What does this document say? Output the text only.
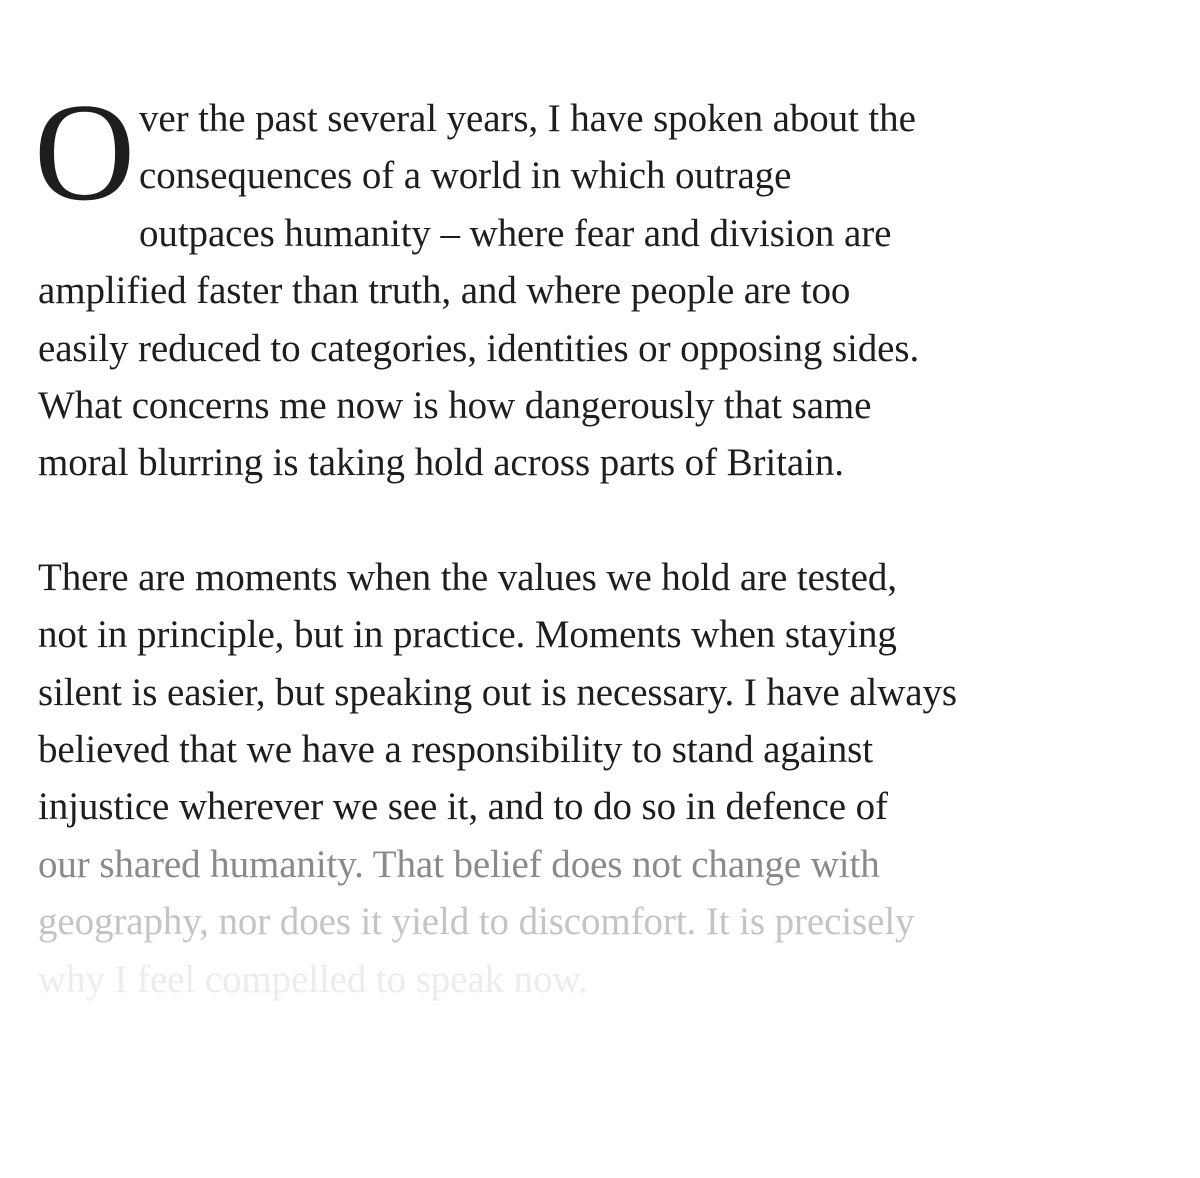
O ver the past several years, I have spoken about the
consequences of a world in which outrage
outpaces humanity – where fear and division are
amplified faster than truth, and where people are too
easily reduced to categories, identities or opposing sides.
What concerns me now is how dangerously that same
moral blurring is taking hold across parts of Britain.

There are moments when the values we hold are tested,
not in principle, but in practice. Moments when staying
silent is easier, but speaking out is necessary. I have always
believed that we have a responsibility to stand against
injustice wherever we see it, and to do so in defence of
our shared humanity. That belief does not change with
geography, nor does it yield to discomfort. It is precisely
why I feel compelled to speak now.
